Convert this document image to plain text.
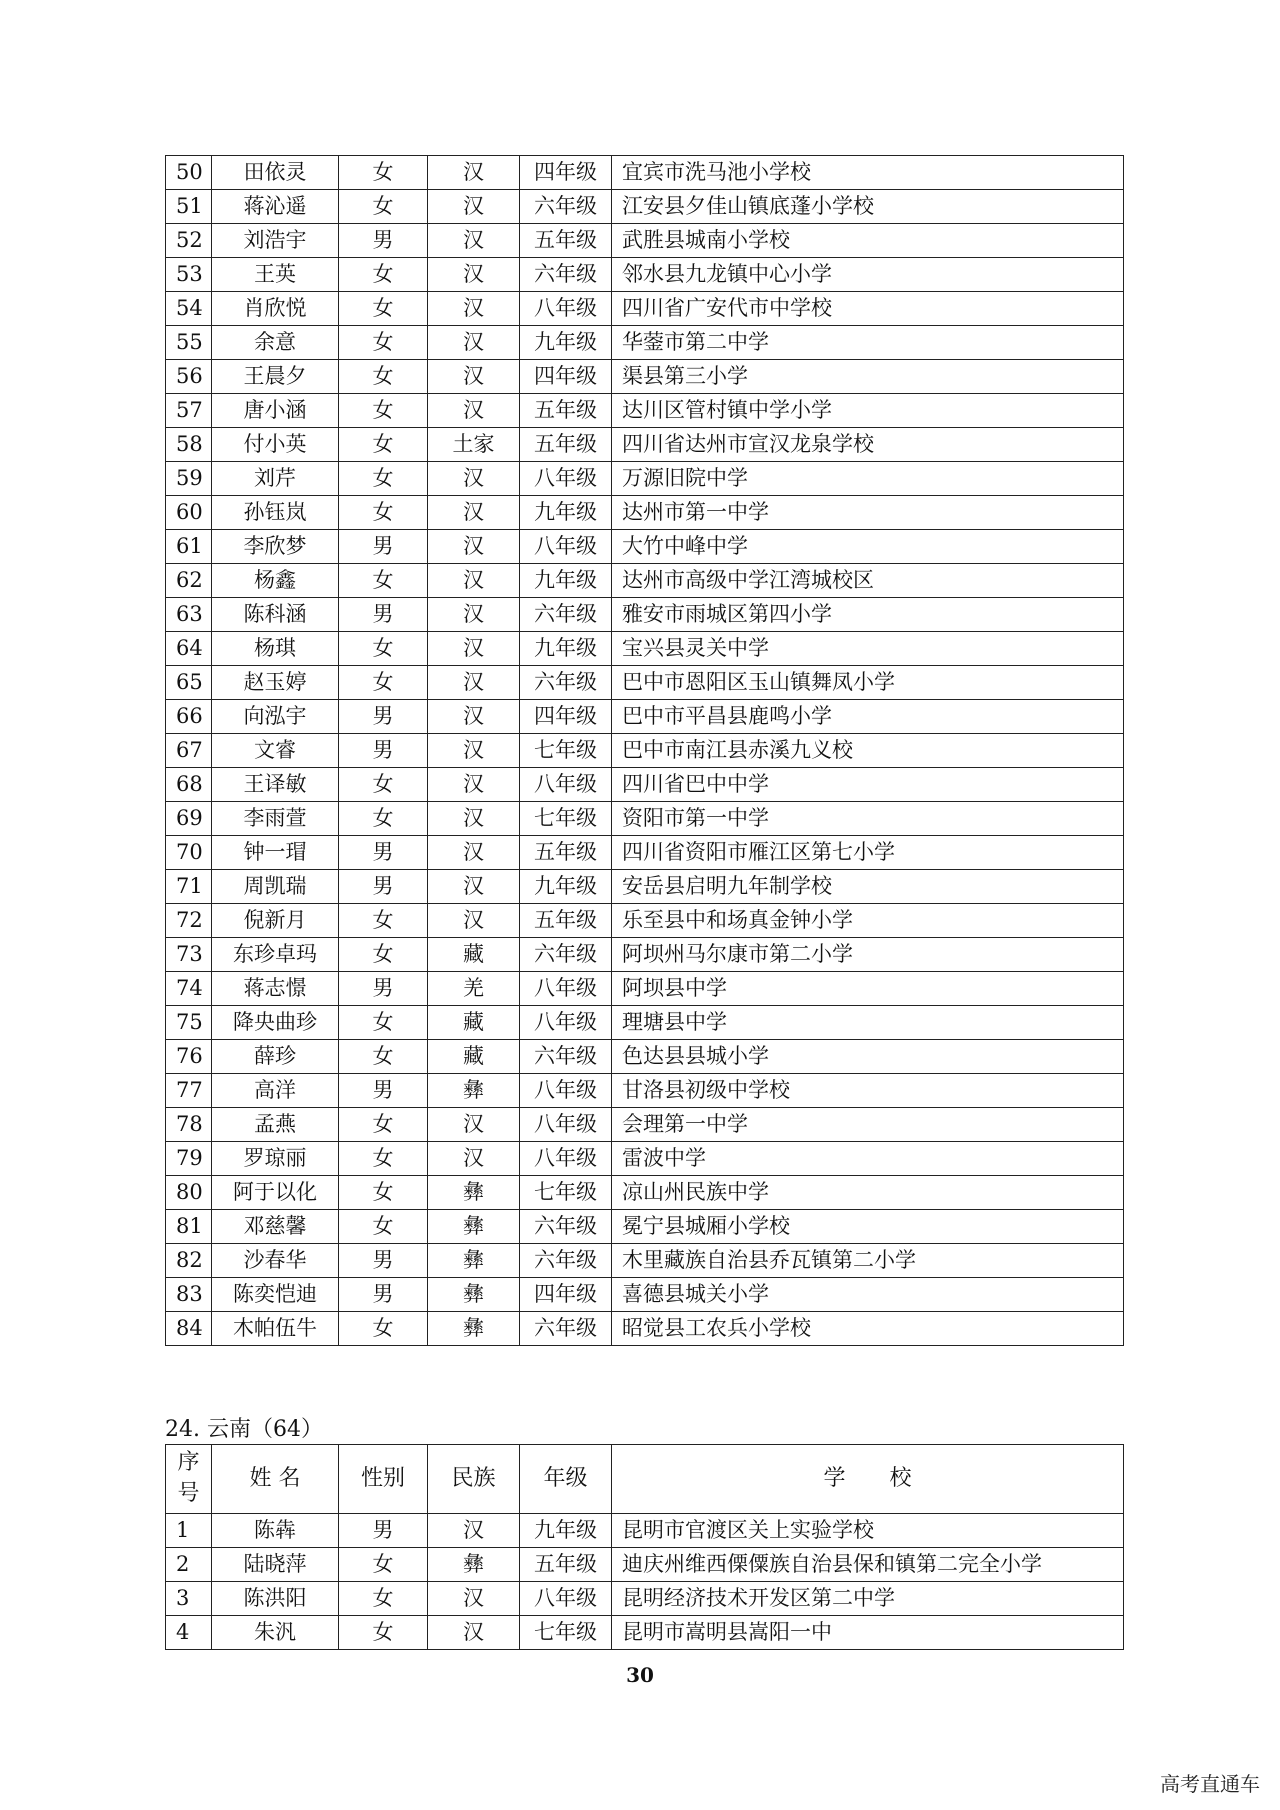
50	田依灵	女	汉	四年级	宜宾市洗马池小学校
51	蒋沁遥	女	汉	六年级	江安县夕佳山镇底蓬小学校
52	刘浩宇	男	汉	五年级	武胜县城南小学校
53	王英	女	汉	六年级	邻水县九龙镇中心小学
54	肖欣悦	女	汉	八年级	四川省广安代市中学校
55	余意	女	汉	九年级	华蓥市第二中学
56	王晨夕	女	汉	四年级	渠县第三小学
57	唐小涵	女	汉	五年级	达川区管村镇中学小学
58	付小英	女	土家	五年级	四川省达州市宣汉龙泉学校
59	刘芹	女	汉	八年级	万源旧院中学
60	孙钰岚	女	汉	九年级	达州市第一中学
61	李欣梦	男	汉	八年级	大竹中峰中学
62	杨鑫	女	汉	九年级	达州市高级中学江湾城校区
63	陈科涵	男	汉	六年级	雅安市雨城区第四小学
64	杨琪	女	汉	九年级	宝兴县灵关中学
65	赵玉婷	女	汉	六年级	巴中市恩阳区玉山镇舞凤小学
66	向泓宇	男	汉	四年级	巴中市平昌县鹿鸣小学
67	文睿	男	汉	七年级	巴中市南江县赤溪九义校
68	王译敏	女	汉	八年级	四川省巴中中学
69	李雨萱	女	汉	七年级	资阳市第一中学
70	钟一瑁	男	汉	五年级	四川省资阳市雁江区第七小学
71	周凯瑞	男	汉	九年级	安岳县启明九年制学校
72	倪新月	女	汉	五年级	乐至县中和场真金钟小学
73	东珍卓玛	女	藏	六年级	阿坝州马尔康市第二小学
74	蒋志憬	男	羌	八年级	阿坝县中学
75	降央曲珍	女	藏	八年级	理塘县中学
76	薛珍	女	藏	六年级	色达县县城小学
77	高洋	男	彝	八年级	甘洛县初级中学校
78	孟燕	女	汉	八年级	会理第一中学
79	罗琼丽	女	汉	八年级	雷波中学
80	阿于以化	女	彝	七年级	凉山州民族中学
81	邓慈馨	女	彝	六年级	冕宁县城厢小学校
82	沙春华	男	彝	六年级	木里藏族自治县乔瓦镇第二小学
83	陈奕恺迪	男	彝	四年级	喜德县城关小学
84	木帕伍牛	女	彝	六年级	昭觉县工农兵小学校
24. 云南（64）
序号	姓 名	性别	民族	年级	学　　校
1	陈犇	男	汉	九年级	昆明市官渡区关上实验学校
2	陆晓萍	女	彝	五年级	迪庆州维西傈僳族自治县保和镇第二完全小学
3	陈洪阳	女	汉	八年级	昆明经济技术开发区第二中学
4	朱汎	女	汉	七年级	昆明市嵩明县嵩阳一中
30
高考直通车
